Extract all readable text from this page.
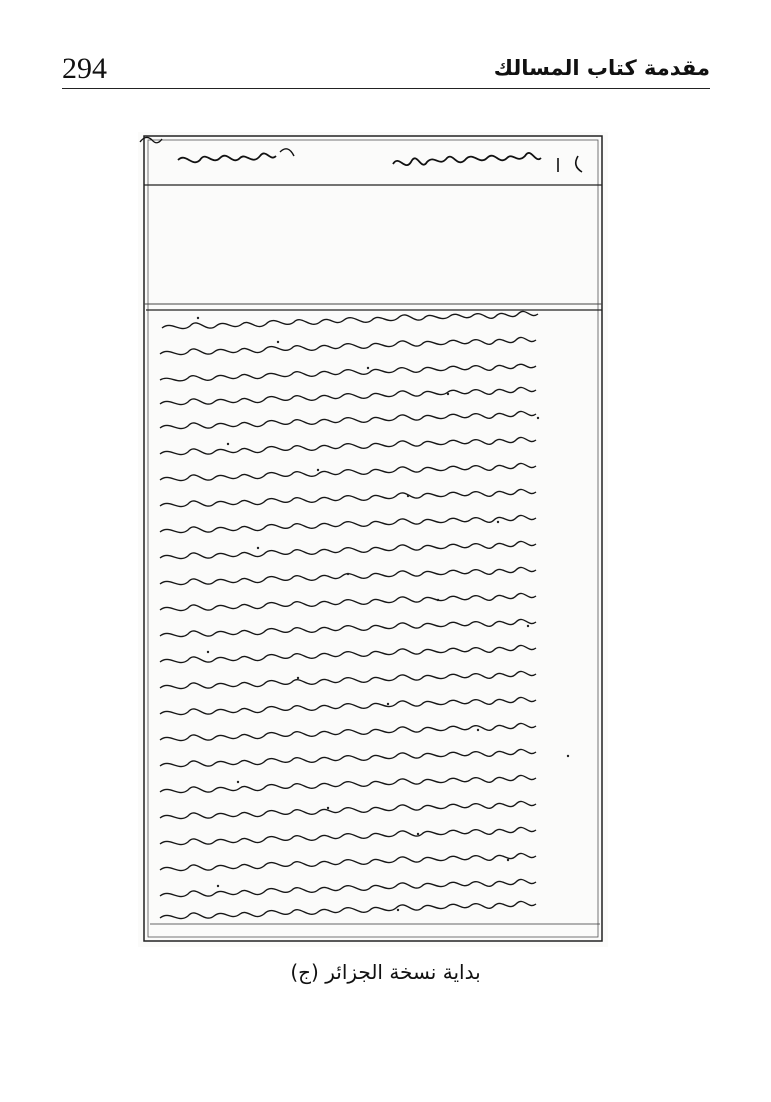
294	مقدمة كتاب المسالك
بداية نسخة الجزائر (ج)
